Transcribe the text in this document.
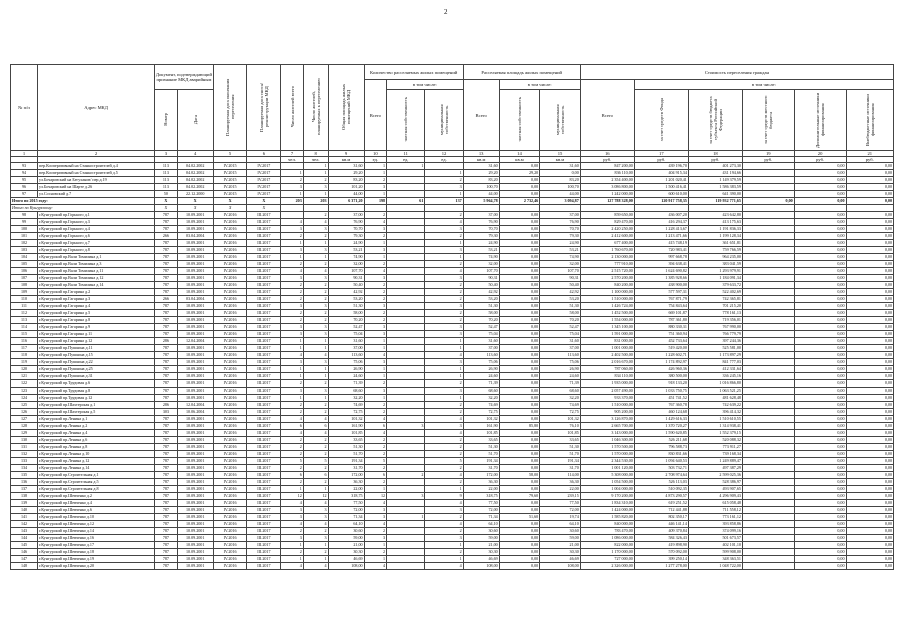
2
№ п/п	Адрес МКД	Документ, подтверждающий признание МКД аварийным		Планируемая дата окончания переселения	Планируемая дата сноса/ реконструкции МКД	Число жителей всего	Число жителей, планируемых к переселению	Общая площадь жилых помещений МКД	Количество расселяемых жилых помещений			Расселяемая площадь жилых помещений			Стоимость переселения граждан					
									Всего	в том числе:		Всего	в том числе:		Всего	в том числе:				
		Номер	Дата							частная собственность	муниципальная собственность		частная собственность	муниципальная собственность		за счет средств Фонда	за счет средств бюджета субъекта Российской Федерации	за счет средств местного бюджета	Дополнительные источники финансирования	Внебюджетные источники финансирования
1	2	3	4	5	6	7	8	9	10	11	12	13	14	15	16	17	18	19	20	21
						чел.	чел.	кв.м	ед.	ед.	ед.	кв.м	кв.м	кв.м	руб.	руб.	руб.	руб.	руб.	руб.
93	пер.Кооперативный на Станкостроителей д.4	113	04.02.2002	IV.2015	IV.2017		1	31,60	1	1		31,60	0,00	31,60	847 200,00	439 196,70	401 273,30		0,00	0,00
94	пер.Кооперативный на Станкостроителей д.5	113	04.02.2002	IV.2015	IV.2017	1	1	29,20	1		1	29,20	29,20	0,00	836 110,00	404 915,34	431 194,66		0,00	0,00
95	ул.Бочаровский на Бегуханов/ пер.д.19	113	04.02.2002	IV.2015	IV.2017	2	2	83,20	2		2	83,20	0,00	83,20	2 354 400,00	1 201 020,41	1 149 379,59		0,00	0,00
96	ул.Бочаровский на Шарте д.26	113	04.02.2002	IV.2015	IV.2017	3	3	101,20	3		3	100,70	0,00	100,70	3 086 800,00	1 500 416,41	1 586 383,59		0,00	0,00
97	ул.Сосновский д.7	50	22.12.2000	IV.2015	IV.2017	1	1	44,00	1		1	44,00	0,00	44,00	1 242 000,00	600 610,00	641 390,00		0,00	0,00
Итого по 2015 году:		X	X	X	X	203	203	6 371,20	198	61	137	5 964,78	2 732,46	3 094,87	127 788 328,00	120 917 758,35	119 932 771,65	0,00	0,00	0,00
Итого по Кунгурскому:		X	X	X	X															
98	г.Кунгурский пр.Горького д.1	787	10.09.2001	IV.2016	III.2017		2	37,00	2		2	37,00	0,00	37,00	859 650,00	436 007,20	423 642,80		0,00	0,00
99	г.Кунгурский пр.Горького д.3	787	10.09.2001	IV.2016	III.2017	4	4	76,90	4		4	76,90	0,00	76,90	829 470,00	416 294,37	413 175,63		0,00	0,00
100	г.Кунгурский пр.Горького д.4	787	10.09.2001	IV.2016	III.2017	3	3	70,70	3		3	70,70	0,00	70,70	2 420 250,00	1 228 413,67	1 191 836,33		0,00	0,00
101	г.Кунгурский пр.Горького д.6	266	03.04.2004	IV.2016	III.2017	2	2	79,30	2		2	79,30	0,00	79,30	2 412 600,00	1 213 471,66	1 199 128,34		0,00	0,00
102	г.Кунгурский пр.Горького д.7	787	10.09.2001	IV.2016	III.2017	1	1	24,90	1		1	24,90	0,00	24,90	677 400,00	415 748,19	361 651,81		0,00	0,00
103	г.Кунгурский пр.Горького д.8	787	10.09.2001	IV.2016	III.2017	3	3	53,21	3		3	53,21	0,00	53,21	1 760 670,00	720 983,41	759 766,59		0,00	0,00
104	г.Кунгурский пр.Вали Томилина д.1	787	10.09.2001	IV.2016	III.2017	1	1	74,90	1		1	74,90	0,00	74,90	2 130 000,00	997 668,78	964 235,00		0,00	0,00
105	г.Кунгурский пр.Вали Томилина д.3	787	10.09.2001	IV.2016	III.2017	2	2	32,00	2		2	32,00	0,00	32,00	777 910,00	394 638,41	383 041,59		0,00	0,00
106	г.Кунгурский пр.Вали Томилина д.11	787	10.09.2001	IV.2016	III.2017	4	4	107,70	4		4	107,70	0,00	107,70	2 515 720,00	1 624 690,82	1 293 979,91		0,00	0,00
107	г.Кунгурский пр.Вали Томилина д.12	787	10.09.2001	IV.2016	III.2017	3	3	90,31	3		3	90,31	0,00	90,31	2 570 200,00	1 385 928,66	1 184 091,34		0,00	0,00
108	г.Кунгурский пр.Вали Томилина д.14	787	10.09.2001	IV.2016	III.2017	2	2	50,40	2		2	50,40	0,00	50,40	840 200,00	438 900,00	379 633,72		0,00	0,00
109	г.Кунгурский пр.Гагарина д.2	787	10.09.2001	IV.2016	III.2017	2	2	42,92	2		2	42,92	0,00	42,92	1 100 000,00	577 597,31	522 402,69		0,00	0,00
110	г.Кунгурский пр.Гагарина д.3	266	03.04.2004	IV.2016	III.2017	2	2	53,20	2		2	53,20	0,00	53,20	1 510 000,00	767 871,79	742 365,81		0,00	0,00
111	г.Кунгурский пр.Гагарина д.4	787	10.09.2001	IV.2016	III.2017	3	3	51,30	3		3	51,30	0,00	51,30	1 426 724,00	754 843,64	701 215,20		0,00	0,00
112	г.Кунгурский пр.Гагарина д.5	787	10.09.2001	IV.2016	III.2017	2	2	58,00	2		2	58,00	0,00	58,00	1 452 500,00	669 101,87	778 161,13		0,00	0,00
113	г.Кунгурский пр.Гагарина д.8	787	10.09.2001	IV.2016	III.2017	2	2	70,20	2		2	70,20	0,00	70,20	1 554 000,00	787 361,80	719 356,01		0,00	0,00
114	г.Кунгурский пр.Гагарина д.9	787	10.09.2001	IV.2016	III.2017	3	3	52,47	3		3	52,47	0,00	52,47	1 345 100,00	880 330,31	767 990,00		0,00	0,00
115	г.Кунгурский пр.Гагарина д.11	787	10.09.2001	IV.2016	III.2017	3	3	75,04	3		3	75,04	0,00	75,04	1 591 000,00	751 360,94	766 779,79		0,00	0,00
116	г.Кунгурский пр.Гагарина д.12	286	12.04.2004	IV.2016	III.2017	1	1	31,60	1		1	31,60	0,00	31,60	831 000,00	452 733,64	397 244,36		0,00	0,00
117	г.Кунгурский пр.Пушкина д.11	787	10.09.2001	IV.2016	III.2017	1	1	37,00	1		1	37,00	0,00	37,00	1 001 000,00	519 420,00	525 581,00		0,00	0,00
118	г.Кунгурский пр.Пушкина д.15	787	10.09.2001	IV.2016	III.2017	4	4	113,60	4		4	113,60	0,00	113,60	2 402 500,00	1 228 602,71	1 173 897,29		0,00	0,00
119	г.Кунгурский пр.Пушкина д.22	787	10.09.2001	IV.2016	III.2017	3	3	75,06	3		3	75,06	0,00	75,06	2 016 670,00	1 174 892,97	841 777,03		0,00	0,00
120	г.Кунгурский пр.Пушкина д.25	787	10.09.2001	IV.2016	III.2017	1	1	26,90	1		1	26,90	0,00	26,90	787 060,00	426 960,36	412 331,64		0,00	0,00
121	г.Кунгурский пр.Пушкина д.31	787	10.09.2001	IV.2016	III.2017	1	1	24,60	1		1	24,60	0,00	24,60	834 110,00	380 500,00	336 245,16		0,00	0,00
122	г.Кунгурский пр.Трудовая д.6	787	10.09.2001	IV.2016	III.2017	2	2	71,39	2		2	71,39	0,00	71,39	1 935 000,00	918 133,20	1 016 866,80		0,00	0,00
123	г.Кунгурский пр.Трудовая д.8	787	10.09.2001	IV.2016	III.2017	3	3	68,60	3		3	68,60	0,00	68,60	2 057 490,00	1 033 750,75	1 063 521,25		0,00	0,00
124	г.Кунгурский пр.Трудовая д.12	787	10.09.2001	IV.2016	III.2017	1	1	32,20	1		1	32,20	0,00	32,20	933 370,00	451 741,52	481 628,48		0,00	0,00
125	г.Кунгурский пр.Шахтерская д.1	286	12.04.2004	IV.2016	III.2017	2	2	74,69	2		2	74,69	0,00	74,69	1 510 000,00	767 360,78	742 639,22		0,00	0,00
126	г.Кунгурский пр.Шахтерская д.5	303	10.06.2004	IV.2016	III.2017	2	2	72,75	2		2	72,75	0,00	72,75	905 200,00	460 124,68	396 414,32		0,00	0,00
127	г.Кунгурский пр.Ленина д.1	787	10.09.2001	IV.2016	III.2017	4	4	101,32	4		4	101,32	0,00	101,32	3 126 870,00	1 429 616,33	1 510 610,55		0,00	0,00
128	г.Кунгурский пр.Ленина д.2	787	10.09.2001	IV.2016	III.2017	6	6	161,90	6	3	3	161,90	85,80	76,10	2 665 700,00	1 370 720,27	1 314 938,41		0,00	0,00
129	г.Кунгурский пр.Ленина д.4	787	10.09.2001	IV.2016	III.2017	4	4	101,85	4		4	101,85	0,00	101,85	3 143 000,00	1 590 620,85	1 552 379,15		0,00	0,00
130	г.Кунгурский пр.Ленина д.6	787	10.09.2001	IV.2016	III.2017	2	2	33,65	2		2	33,65	0,00	33,65	1 046 300,00	526 211,68	520 088,32		0,00	0,00
131	г.Кунгурский пр.Ленина д.8	787	10.09.2001	IV.2016	III.2017	2	2	51,30	2		2	51,30	0,00	51,30	1 570 500,00	796 588,73	773 911,27		0,00	0,00
132	г.Кунгурский пр.Ленина д.10	787	10.09.2001	IV.2016	III.2017	2	2	51,70	2		2	51,70	0,00	51,70	1 570 000,00	830 831,66	739 168,34		0,00	0,00
133	г.Кунгурский пр.Ленина д.12	787	10.09.2001	IV.2016	III.2017	5	5	191,34	5		5	191,34	0,00	191,34	2 344 530,00	1 094 640,53	1 249 889,47		0,00	0,00
134	г.Кунгурский пр.Ленина д.14	787	10.09.2001	IV.2016	III.2017	2	2	31,70	2		2	31,70	0,00	31,70	1 001 120,00	503 732,71	497 387,29		0,00	0,00
135	г.Кунгурский пр.Строительная д.1	787	10.09.2001	IV.2016	III.2017	6	6	172,00	6	2	4	172,00	58,00	114,00	5 308 000,00	2 708 974,64	2 599 025,36		0,00	0,00
136	г.Кунгурский пр.Строительная д.5	787	10.09.2001	IV.2016	III.2017	2	2	36,30	2		2	36,30	0,00	36,30	1 054 500,00	526 113,03	528 386,97		0,00	0,00
137	г.Кунгурский пр.Строительная д.8	787	10.09.2001	IV.2016	III.2017	1	1	22,00	1		1	22,00	0,00	22,00	1 004 000,00	510 092,35	493 907,65		0,00	0,00
138	г.Кунгурский пр.Шевченко д.2	787	10.09.2001	IV.2016	III.2017	12	12	318,75	12	3	9	318,75	79,60	239,15	9 170 200,00	4 873 290,57	4 296 909,43		0,00	0,00
139	г.Кунгурский пр.Шевченко д.4	787	10.09.2001	IV.2016	III.2017	4	4	77,50	4		4	77,50	0,00	77,50	1 834 310,00	619 251,52	615 058,48		0,00	0,00
140	г.Кунгурский пр.Шевченко д.6	787	10.09.2001	IV.2016	III.2017	3	3	72,00	3		3	72,00	0,00	72,00	1 424 000,00	712 441,88	711 558,12		0,00	0,00
141	г.Кунгурский пр.Шевченко д.10	787	10.09.2001	IV.2016	III.2017	3	3	71,34	3	1	2	71,34	51,60	19,74	1 585 820,00	802 350,17	773 161,12		0,00	0,00
142	г.Кунгурский пр.Шевченко д.12	787	10.09.2001	IV.2016	III.2017	4	4	64,10	4		4	64,10	0,00	64,10	840 000,00	446 141,14	393 858,86		0,00	0,00
143	г.Кунгурский пр.Шевченко д.14	787	10.09.2001	IV.2016	III.2017	2	2	30,60	2		2	30,60	0,00	30,60	783 470,00	409 370,84	374 099,16		0,00	0,00
144	г.Кунгурский пр.Шевченко д.16	787	10.09.2001	IV.2016	III.2017	3	3	59,00	3		3	59,00	0,00	59,00	1 086 000,00	584 326,43	501 673,57		0,00	0,00
145	г.Кунгурский пр.Шевченко д.17	787	10.09.2001	IV.2016	III.2017	1	1	21,00	1		1	21,00	0,00	21,00	822 000,00	419 898,90	402 101,10		0,00	0,00
146	г.Кунгурский пр.Шевченко д.18	787	10.09.2001	IV.2016	III.2017	2	2	30,30	2		2	30,30	0,00	30,30	1 170 000,00	570 092,00	599 908,00		0,00	0,00
147	г.Кунгурский пр.Шевченко д.19	787	10.09.2001	IV.2016	III.2017	1	1	46,69	1		1	46,69	0,00	46,69	727 000,00	399 250,14	348 363,51		0,00	0,00
148	г.Кунгурский пр.Шевченко д.20	787	10.09.2001	IV.2016	III.2017	4	4	108,00	4		4	108,00	0,00	108,00	2 326 000,00	1 277 278,00	1 048 722,00		0,00	0,00
